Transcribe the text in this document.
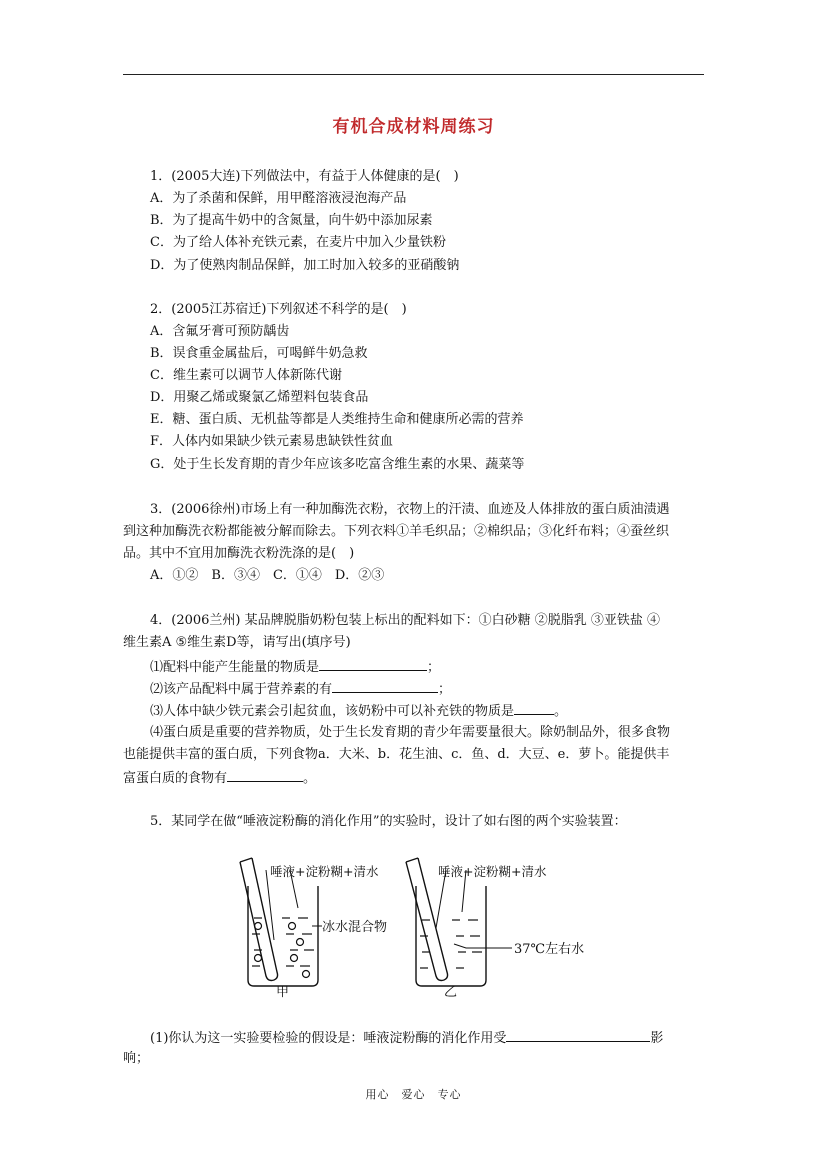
有机合成材料周练习
1．(2005大连)下列做法中，有益于人体健康的是(　)
A．为了杀菌和保鲜，用甲醛溶液浸泡海产品
B．为了提高牛奶中的含氮量，向牛奶中添加尿素
C．为了给人体补充铁元素，在麦片中加入少量铁粉
D．为了使熟肉制品保鲜，加工时加入较多的亚硝酸钠
2．(2005江苏宿迁)下列叙述不科学的是(　)
A．含氟牙膏可预防龋齿
B．误食重金属盐后，可喝鲜牛奶急救
C．维生素可以调节人体新陈代谢
D．用聚乙烯或聚氯乙烯塑料包装食品
E．糖、蛋白质、无机盐等都是人类维持生命和健康所必需的营养
F．人体内如果缺少铁元素易患缺铁性贫血
G．处于生长发育期的青少年应该多吃富含维生素的水果、蔬菜等
3．(2006徐州)市场上有一种加酶洗衣粉，衣物上的汗渍、血迹及人体排放的蛋白质油渍遇
到这种加酶洗衣粉都能被分解而除去。下列衣料①羊毛织品；②棉织品；③化纤布料；④蚕丝织
品。其中不宜用加酶洗衣粉洗涤的是(　)
A．①②　B．③④　C．①④　D．②③
4．(2006兰州) 某品牌脱脂奶粉包装上标出的配料如下：①白砂糖 ②脱脂乳 ③亚铁盐 ④
维生素A ⑤维生素D等，请写出(填序号)
⑴配料中能产生能量的物质是	；
⑵该产品配料中属于营养素的有	；
⑶人体中缺少铁元素会引起贫血，该奶粉中可以补充铁的物质是	。
⑷蛋白质是重要的营养物质，处于生长发育期的青少年需要量很大。除奶制品外，很多食物
也能提供丰富的蛋白质，下列食物a．大米、b．花生油、c．鱼、d．大豆、e．萝卜。能提供丰
富蛋白质的食物有	。
5．某同学在做“唾液淀粉酶的消化作用”的实验时，设计了如右图的两个实验装置：
唾液+淀粉糊+清水	唾液+淀粉糊+清水
冰水混合物
37℃左右水
甲	乙
(1)你认为这一实验要检验的假设是：唾液淀粉酶的消化作用受	影
响；
用心　爱心　专心
